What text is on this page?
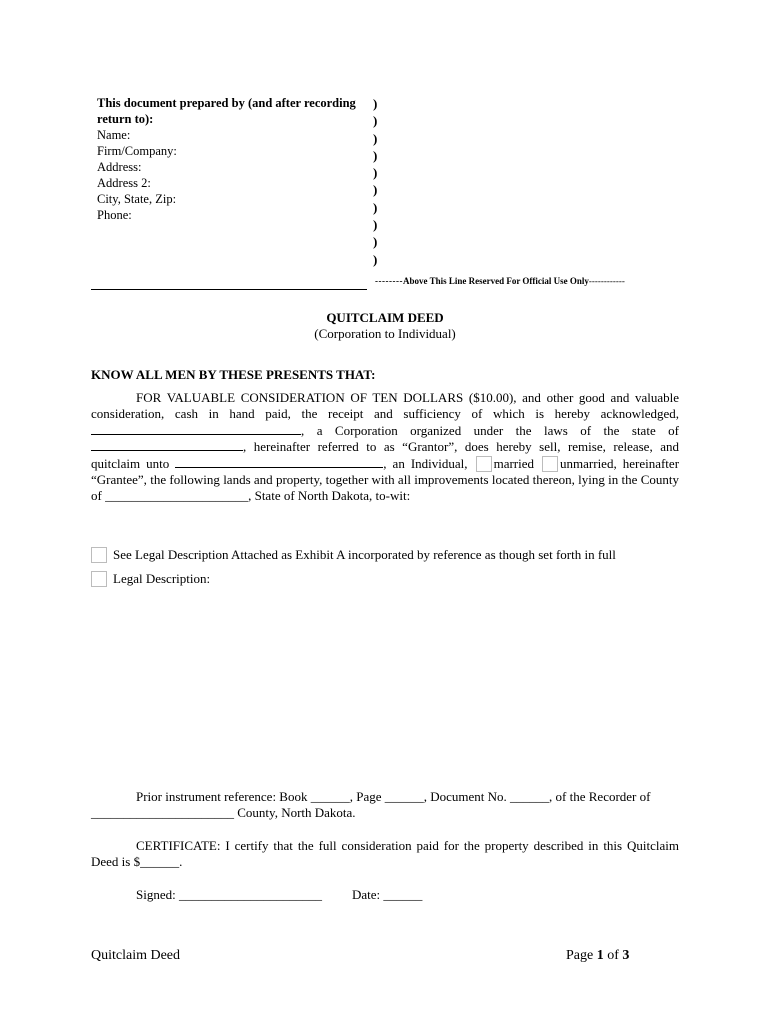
This document prepared by (and after recording return to):
Name:
Firm/Company:
Address:
Address 2:
City, State, Zip:
Phone:
)
)
)
)
)
)
)
)
)
)
--------Above This Line Reserved For Official Use Only------------
QUITCLAIM DEED
(Corporation to Individual)
KNOW ALL MEN BY THESE PRESENTS THAT:
FOR VALUABLE CONSIDERATION OF TEN DOLLARS ($10.00), and other good and valuable consideration, cash in hand paid, the receipt and sufficiency of which is hereby acknowledged, , a Corporation organized under the laws of the state of , hereinafter referred to as “Grantor”, does hereby sell, remise, release, and quitclaim unto	, an Individual, married unmarried, hereinafter “Grantee”, the following lands and property, together with all improvements located thereon, lying in the County of ______________________, State of North Dakota, to-wit:
See Legal Description Attached as Exhibit A incorporated by reference as though set forth in full
Legal Description:
Prior instrument reference: Book ______, Page ______, Document No. ______, of the Recorder of
______________________ County, North Dakota.
CERTIFICATE: I certify that the full consideration paid for the property described in this Quitclaim Deed is $______.
Signed: ______________________ Date: ______
Quitclaim Deed	Page 1 of 3
